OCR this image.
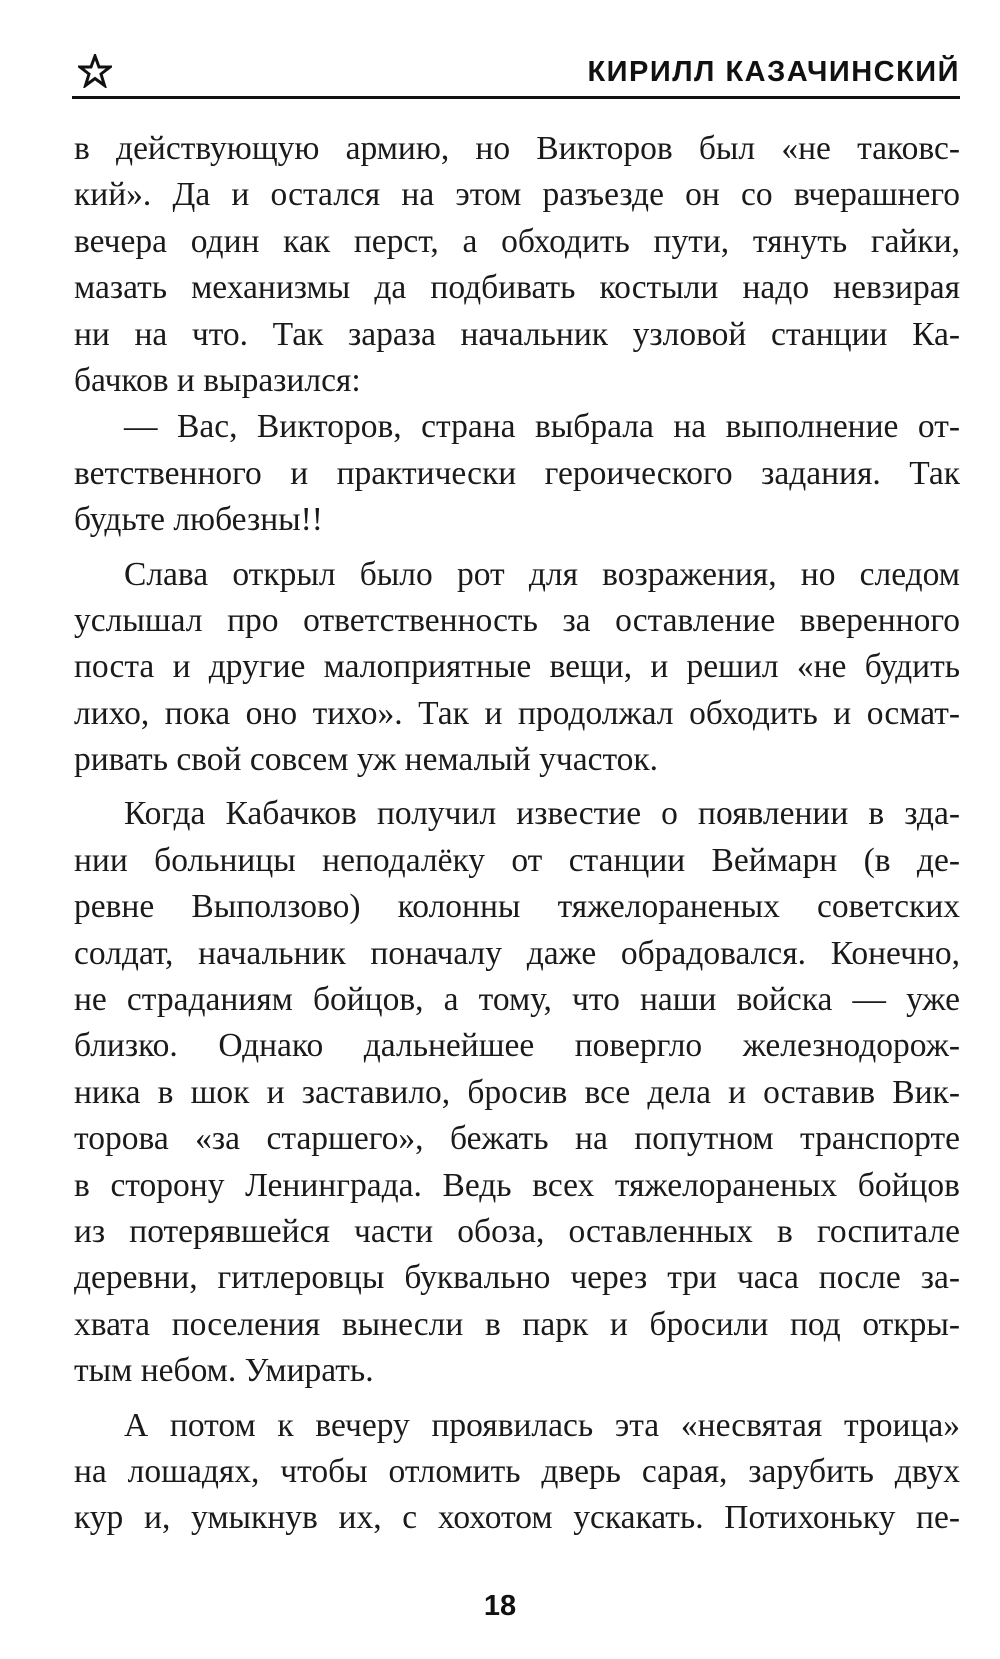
КИРИЛЛ КАЗАЧИНСКИЙ
в действующую армию, но Викторов был «не таковс-
кий». Да и остался на этом разъезде он со вчерашнего
вечера один как перст, а обходить пути, тянуть гайки,
мазать механизмы да подбивать костыли надо невзирая
ни на что. Так зараза начальник узловой станции Ка-
бачков и выразился:
— Вас, Викторов, страна выбрала на выполнение от-
ветственного и практически героического задания. Так
будьте любезны!!
Слава открыл было рот для возражения, но следом
услышал про ответственность за оставление вверенного
поста и другие малоприятные вещи, и решил «не будить
лихо, пока оно тихо». Так и продолжал обходить и осмат-
ривать свой совсем уж немалый участок.
Когда Кабачков получил известие о появлении в зда-
нии больницы неподалёку от станции Веймарн (в де-
ревне Выползово) колонны тяжелораненых советских
солдат, начальник поначалу даже обрадовался. Конечно,
не страданиям бойцов, а тому, что наши войска — уже
близко. Однако дальнейшее повергло железнодорож-
ника в шок и заставило, бросив все дела и оставив Вик-
торова «за старшего», бежать на попутном транспорте
в сторону Ленинграда. Ведь всех тяжелораненых бойцов
из потерявшейся части обоза, оставленных в госпитале
деревни, гитлеровцы буквально через три часа после за-
хвата поселения вынесли в парк и бросили под откры-
тым небом. Умирать.
А потом к вечеру проявилась эта «несвятая троица»
на лошадях, чтобы отломить дверь сарая, зарубить двух
кур и, умыкнув их, с хохотом ускакать. Потихоньку пе-
18
